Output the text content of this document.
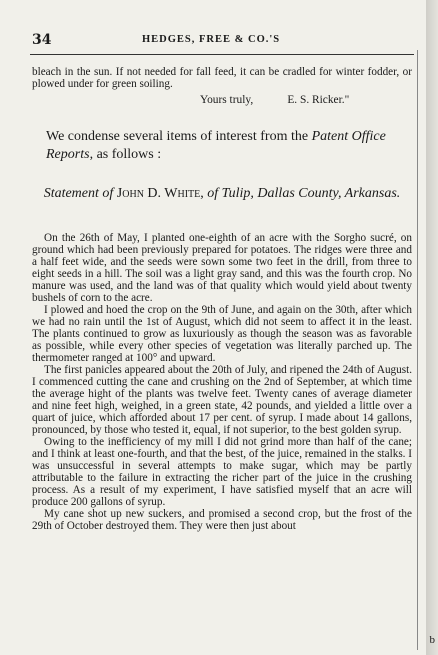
34	HEDGES, FREE & CO.'S
bleach in the sun. If not needed for fall feed, it can be cradled for winter fodder, or plowed under for green soiling.
Yours truly,	E. S. Ricker."
We condense several items of interest from the Patent Office Reports, as follows :
Statement of John D. White, of Tulip, Dallas County, Arkansas.

On the 26th of May, I planted one-eighth of an acre with the Sorgho sucré, on ground which had been previously prepared for potatoes. The ridges were three and a half feet wide, and the seeds were sown some two feet in the drill, from three to eight seeds in a hill. The soil was a light gray sand, and this was the fourth crop. No manure was used, and the land was of that quality which would yield about twenty bushels of corn to the acre.

I plowed and hoed the crop on the 9th of June, and again on the 30th, after which we had no rain until the 1st of August, which did not seem to affect it in the least. The plants continued to grow as luxuriously as though the season was as favorable as possible, while every other species of vegetation was literally parched up. The thermometer ranged at 100° and upward.

The first panicles appeared about the 20th of July, and ripened the 24th of August. I commenced cutting the cane and crushing on the 2nd of September, at which time the average hight of the plants was twelve feet. Twenty canes of average diameter and nine feet high, weighed, in a green state, 42 pounds, and yielded a little over a quart of juice, which afforded about 17 per cent. of syrup. I made about 14 gallons, pronounced, by those who tested it, equal, if not superior, to the best golden syrup.

Owing to the inefficiency of my mill I did not grind more than half of the cane; and I think at least one-fourth, and that the best, of the juice, remained in the stalks. I was unsuccessful in several attempts to make sugar, which may be partly attributable to the failure in extracting the richer part of the juice in the crushing process. As a result of my experiment, I have satisfied myself that an acre will produce 200 gallons of syrup.

My cane shot up new suckers, and promised a second crop, but the frost of the 29th of October destroyed them. They were then just about

b
